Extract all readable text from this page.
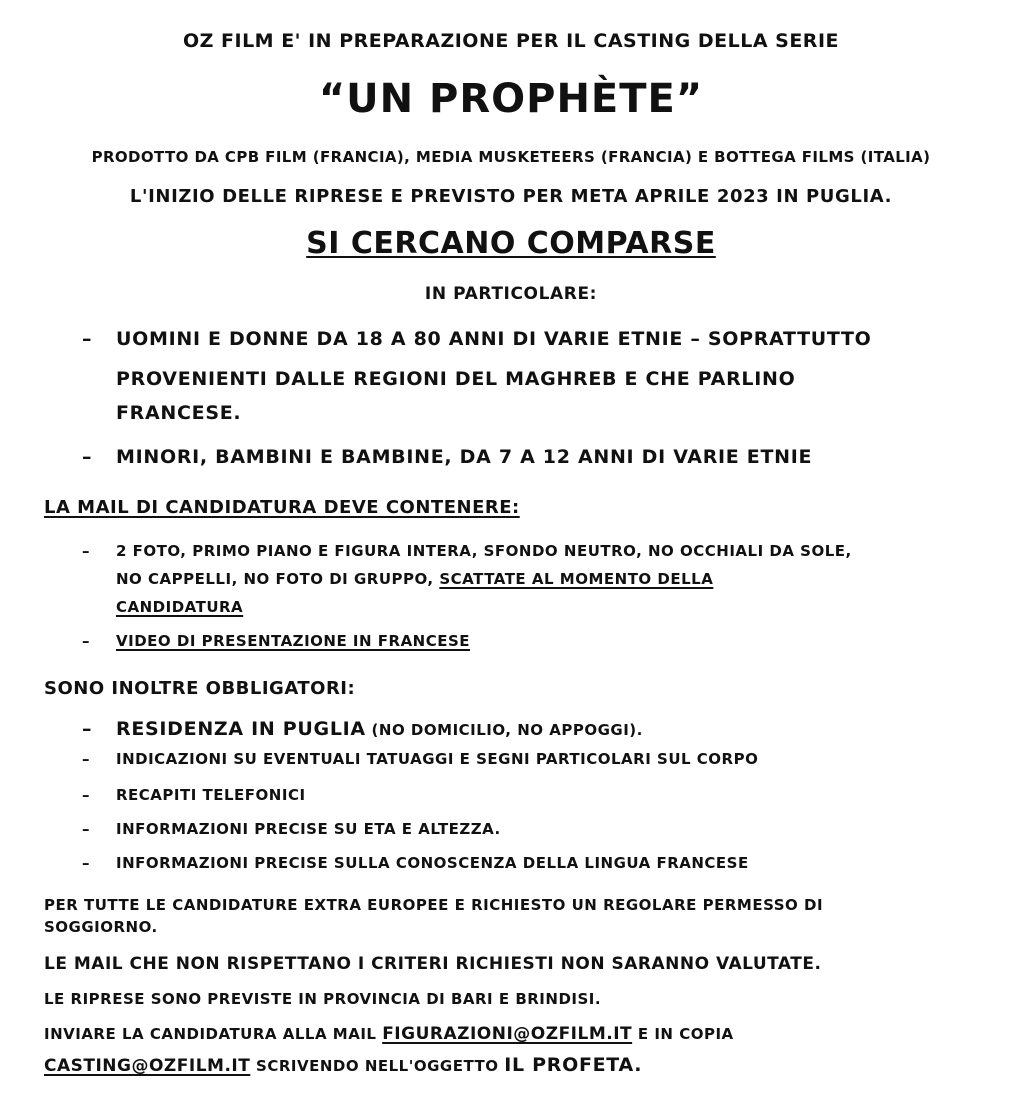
OZ FILM E' IN PREPARAZIONE PER IL CASTING DELLA SERIE
“UN PROPHÈTE”
PRODOTTO DA CPB FILM (FRANCIA), MEDIA MUSKETEERS (FRANCIA) E BOTTEGA FILMS (ITALIA)
L'INIZIO DELLE RIPRESE E PREVISTO PER META APRILE 2023 IN PUGLIA.
SI CERCANO COMPARSE
IN PARTICOLARE:
– UOMINI E DONNE DA 18 A 80 ANNI DI VARIE ETNIE – SOPRATTUTTO
PROVENIENTI DALLE REGIONI DEL MAGHREB E CHE PARLINO
FRANCESE.
– MINORI, BAMBINI E BAMBINE, DA 7 A 12 ANNI DI VARIE ETNIE
LA MAIL DI CANDIDATURA DEVE CONTENERE:
– 2 FOTO, PRIMO PIANO E FIGURA INTERA, SFONDO NEUTRO, NO OCCHIALI DA SOLE,
NO CAPPELLI, NO FOTO DI GRUPPO, SCATTATE AL MOMENTO DELLA
CANDIDATURA
– VIDEO DI PRESENTAZIONE IN FRANCESE
SONO INOLTRE OBBLIGATORI:
– RESIDENZA IN PUGLIA (NO DOMICILIO, NO APPOGGI).
– INDICAZIONI SU EVENTUALI TATUAGGI E SEGNI PARTICOLARI SUL CORPO
– RECAPITI TELEFONICI
– INFORMAZIONI PRECISE SU ETA E ALTEZZA.
– INFORMAZIONI PRECISE SULLA CONOSCENZA DELLA LINGUA FRANCESE
PER TUTTE LE CANDIDATURE EXTRA EUROPEE E RICHIESTO UN REGOLARE PERMESSO DI
SOGGIORNO.
LE MAIL CHE NON RISPETTANO I CRITERI RICHIESTI NON SARANNO VALUTATE.
LE RIPRESE SONO PREVISTE IN PROVINCIA DI BARI E BRINDISI.
INVIARE LA CANDIDATURA ALLA MAIL FIGURAZIONI@OZFILM.IT E IN COPIA
CASTING@OZFILM.IT SCRIVENDO NELL'OGGETTO IL PROFETA.
